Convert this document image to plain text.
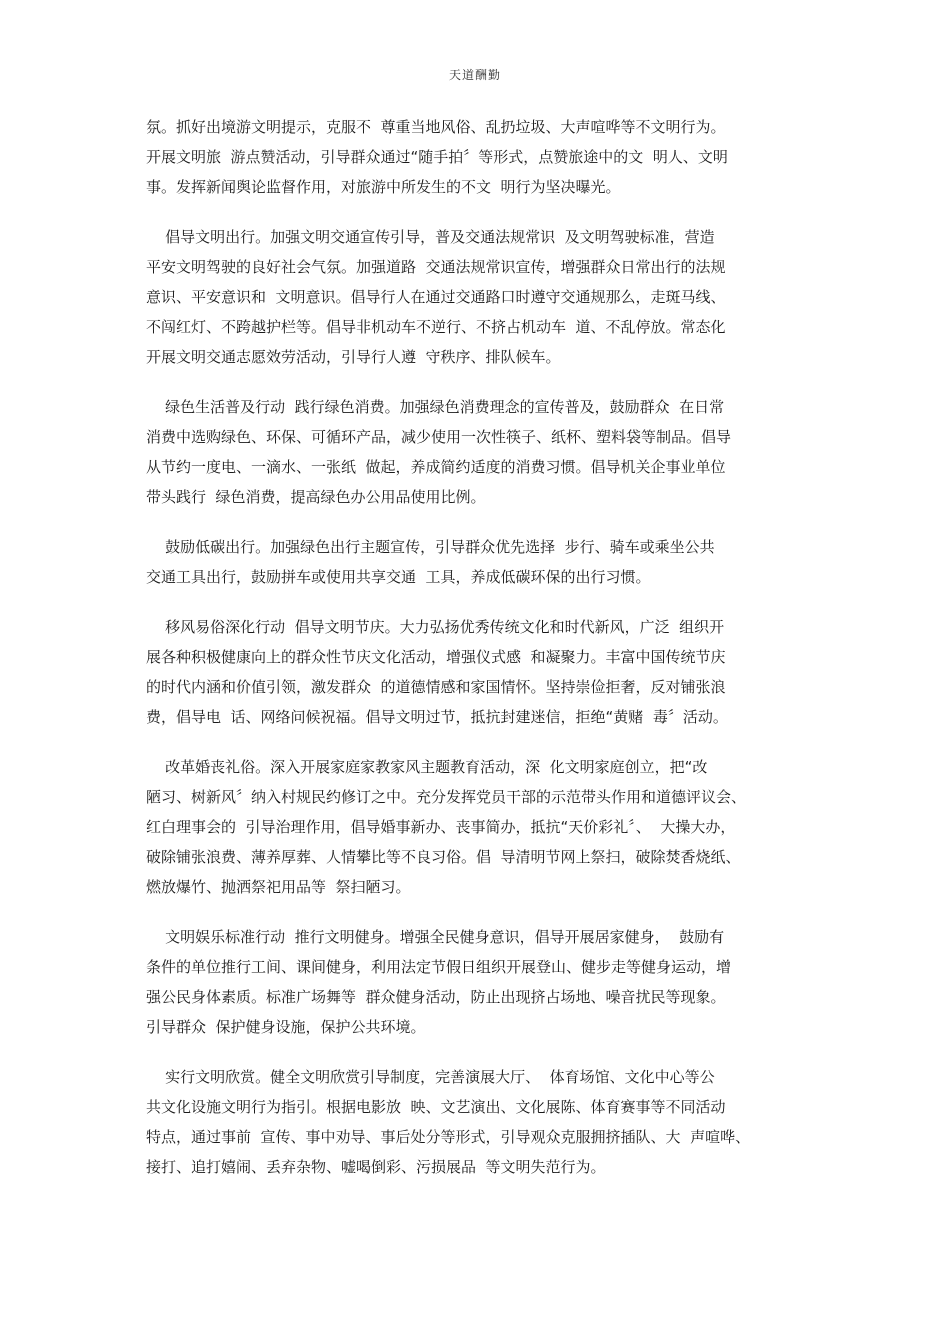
天道酬勤
氛。抓好出境游文明提示，克服不  尊重当地风俗、乱扔垃圾、大声喧哗等不文明行为。
开展文明旅  游点赞活动，引导群众通过“随手拍〞等形式，点赞旅途中的文  明人、文明
事。发挥新闻舆论监督作用，对旅游中所发生的不文  明行为坚决曝光。
倡导文明出行。加强文明交通宣传引导，普及交通法规常识  及文明驾驶标准，营造
平安文明驾驶的良好社会气氛。加强道路  交通法规常识宣传，增强群众日常出行的法规
意识、平安意识和  文明意识。倡导行人在通过交通路口时遵守交通规那么，走斑马线、
不闯红灯、不跨越护栏等。倡导非机动车不逆行、不挤占机动车  道、不乱停放。常态化
开展文明交通志愿效劳活动，引导行人遵  守秩序、排队候车。
绿色生活普及行动  践行绿色消费。加强绿色消费理念的宣传普及，鼓励群众  在日常
消费中选购绿色、环保、可循环产品，减少使用一次性筷子、纸杯、塑料袋等制品。倡导
从节约一度电、一滴水、一张纸  做起，养成简约适度的消费习惯。倡导机关企事业单位
带头践行  绿色消费，提高绿色办公用品使用比例。
鼓励低碳出行。加强绿色出行主题宣传，引导群众优先选择  步行、骑车或乘坐公共
交通工具出行，鼓励拼车或使用共享交通  工具，养成低碳环保的出行习惯。
移风易俗深化行动  倡导文明节庆。大力弘扬优秀传统文化和时代新风，广泛  组织开
展各种积极健康向上的群众性节庆文化活动，增强仪式感  和凝聚力。丰富中国传统节庆
的时代内涵和价值引领，激发群众  的道德情感和家国情怀。坚持崇俭拒奢，反对铺张浪
费，倡导电  话、网络问候祝福。倡导文明过节，抵抗封建迷信，拒绝“黄赌  毒〞活动。
改革婚丧礼俗。深入开展家庭家教家风主题教育活动，深  化文明家庭创立，把“改
陋习、树新风〞纳入村规民约修订之中。充分发挥党员干部的示范带头作用和道德评议会、
红白理事会的  引导治理作用，倡导婚事新办、丧事简办，抵抗“天价彩礼〞、  大操大办，
破除铺张浪费、薄养厚葬、人情攀比等不良习俗。倡  导清明节网上祭扫，破除焚香烧纸、
燃放爆竹、抛洒祭祀用品等  祭扫陋习。
文明娱乐标准行动  推行文明健身。增强全民健身意识，倡导开展居家健身，  鼓励有
条件的单位推行工间、课间健身，利用法定节假日组织开展登山、健步走等健身运动，增
强公民身体素质。标准广场舞等  群众健身活动，防止出现挤占场地、噪音扰民等现象。
引导群众  保护健身设施，保护公共环境。
实行文明欣赏。健全文明欣赏引导制度，完善演展大厅、  体育场馆、文化中心等公
共文化设施文明行为指引。根据电影放  映、文艺演出、文化展陈、体育赛事等不同活动
特点，通过事前  宣传、事中劝导、事后处分等形式，引导观众克服拥挤插队、大  声喧哗、
接打、追打嬉闹、丢弃杂物、嘘喝倒彩、污损展品  等文明失范行为。
